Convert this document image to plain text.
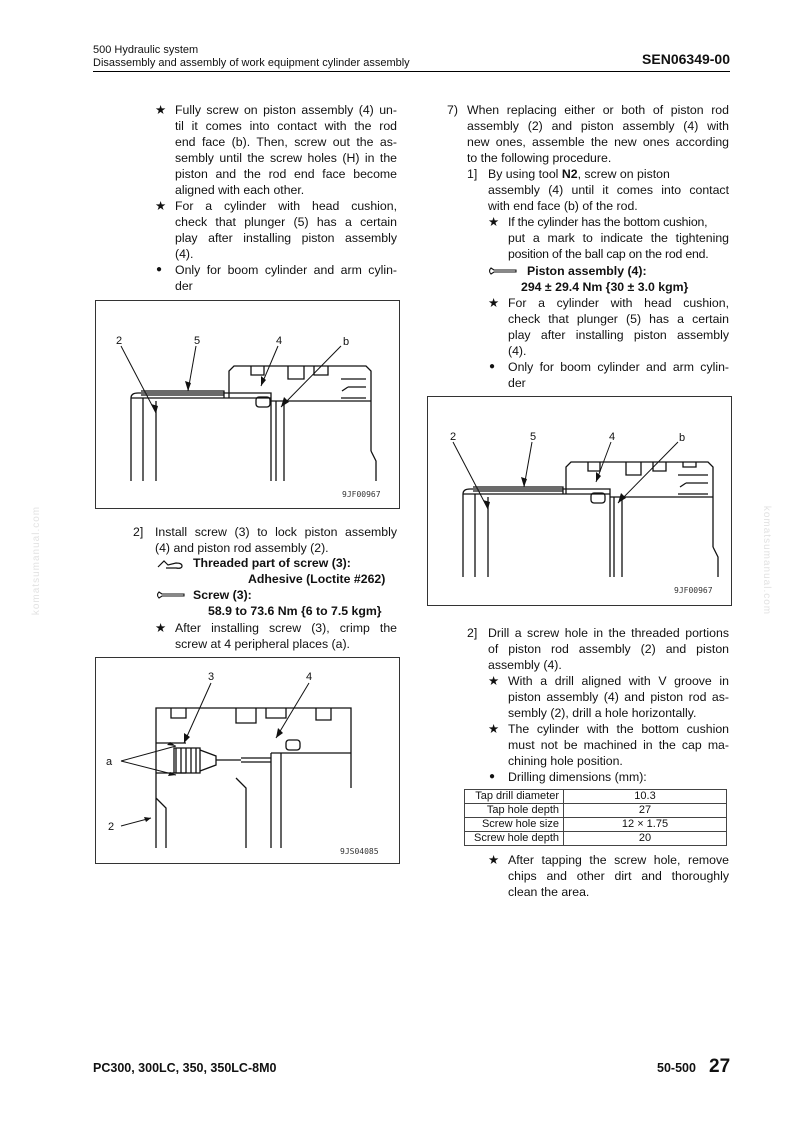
500 Hydraulic system
Disassembly and assembly of work equipment cylinder assembly	SEN06349-00
komatsumanual.com	komatsumanual.com
★ Fully screw on piston assembly (4) un-
til it comes into contact with the rod
end face (b). Then, screw out the as-
sembly until the screw holes (H) in the
piston and the rod end face become
aligned with each other.
★ For a cylinder with head cushion,
check that plunger (5) has a certain
play after installing piston assembly
(4).
● Only for boom cylinder and arm cylin-
der
2	5	4	b
9JF00967
2] Install screw (3) to lock piston assembly
(4) and piston rod assembly (2).
Threaded part of screw (3):
Adhesive (Loctite #262)
Screw (3):
58.9 to 73.6 Nm {6 to 7.5 kgm}
★ After installing screw (3), crimp the
screw at 4 peripheral places (a).
3	4
a
2
9JS04085
7) When replacing either or both of piston rod
assembly (2) and piston assembly (4) with
new ones, assemble the new ones according
to the following procedure.
1] By using tool N2, screw on piston
assembly (4) until it comes into contact
with end face (b) of the rod.
★ If the cylinder has the bottom cushion,
put a mark to indicate the tightening
position of the ball cap on the rod end.
Piston assembly (4):
294 ± 29.4 Nm {30 ± 3.0 kgm}
★ For a cylinder with head cushion,
check that plunger (5) has a certain
play after installing piston assembly
(4).
● Only for boom cylinder and arm cylin-
der
2	5	4	b
9JF00967
2] Drill a screw hole in the threaded portions
of piston rod assembly (2) and piston
assembly (4).
★ With a drill aligned with V groove in
piston assembly (4) and piston rod as-
sembly (2), drill a hole horizontally.
★ The cylinder with the bottom cushion
must not be machined in the cap ma-
chining hole position.
● Drilling dimensions (mm):
Tap drill diameter	10.3
Tap hole depth	27
Screw hole size	12 × 1.75
Screw hole depth	20
★ After tapping the screw hole, remove
chips and other dirt and thoroughly
clean the area.
PC300, 300LC, 350, 350LC-8M0	50-500 27
